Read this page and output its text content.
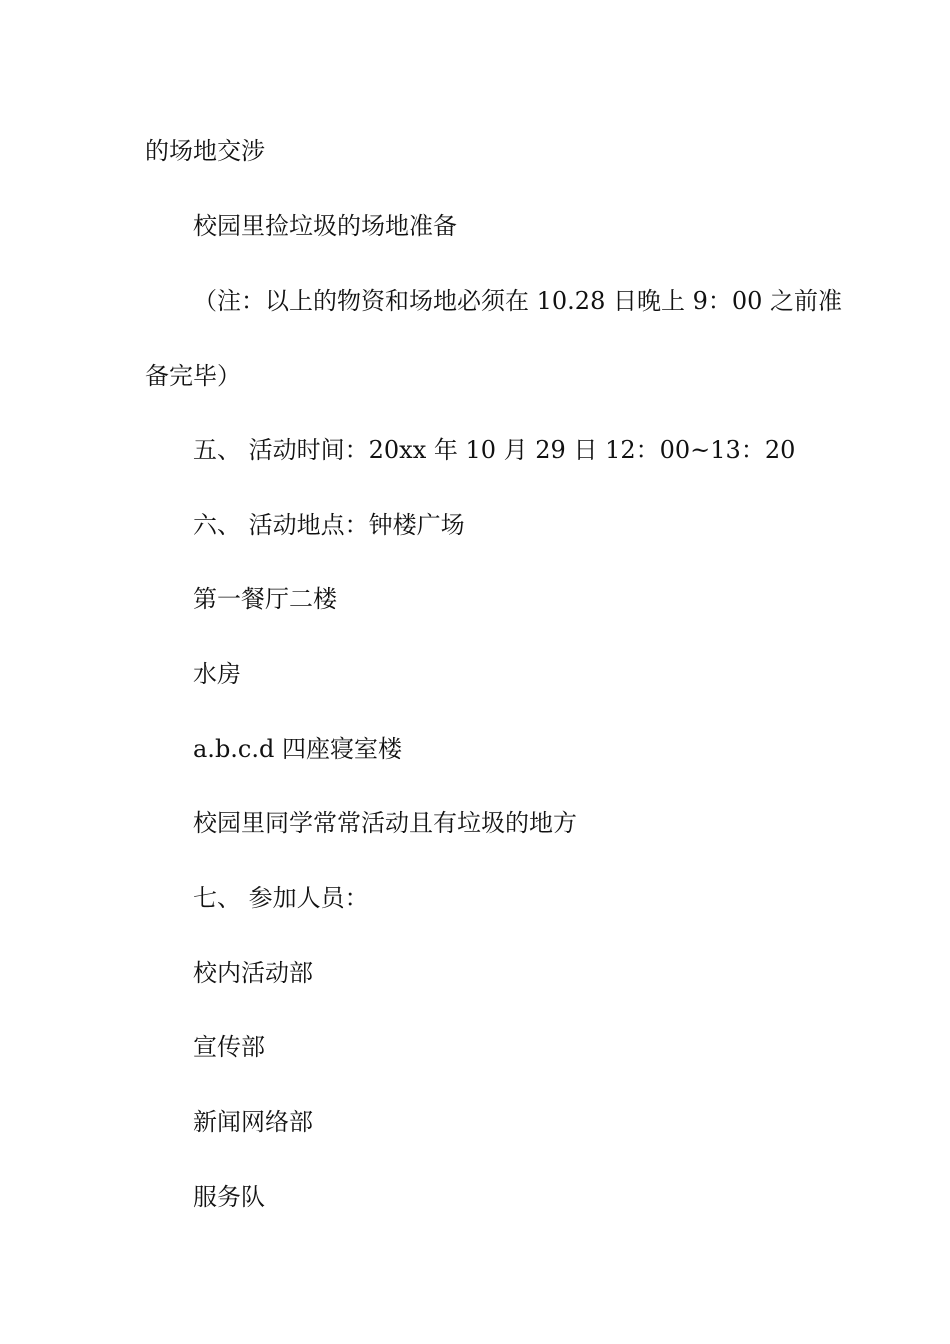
的场地交涉
校园里捡垃圾的场地准备
（注：以上的物资和场地必须在 10.28 日晚上 9：00 之前准
备完毕）
五、 活动时间：20xx 年 10 月 29 日 12：00~13：20
六、 活动地点：钟楼广场
第一餐厅二楼
水房
a.b.c.d 四座寝室楼
校园里同学常常活动且有垃圾的地方
七、 参加人员：
校内活动部
宣传部
新闻网络部
服务队
